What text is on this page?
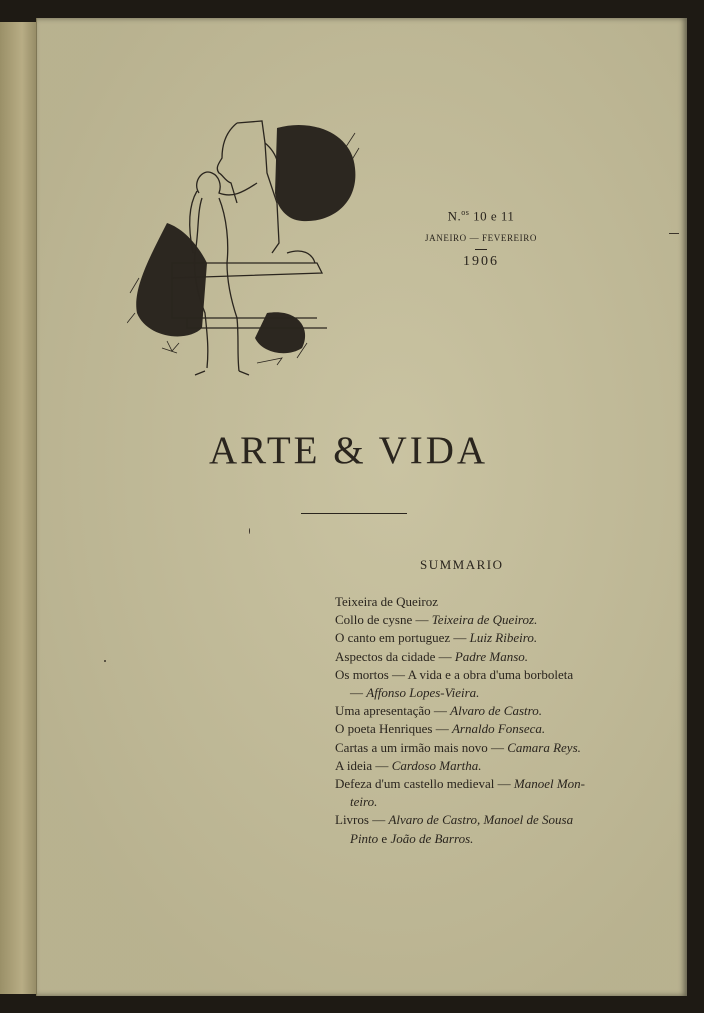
N.$^{os}$ 10 e 11
JANEIRO — FEVEREIRO
1906
ARTE & VIDA
SUMMARIO
Teixeira de Queiroz
Collo de cysne — Teixeira de Queiroz.
O canto em portuguez — Luiz Ribeiro.
Aspectos da cidade — Padre Manso.
Os mortos — A vida e a obra d'uma borboleta
— Affonso Lopes-Vieira.
Uma apresentação — Alvaro de Castro.
O poeta Henriques — Arnaldo Fonseca.
Cartas a um irmão mais novo — Camara Reys.
A ideia — Cardoso Martha.
Defeza d'um castello medieval — Manoel Mon-
teiro.
Livros — Alvaro de Castro, Manoel de Sousa
Pinto e João de Barros.
